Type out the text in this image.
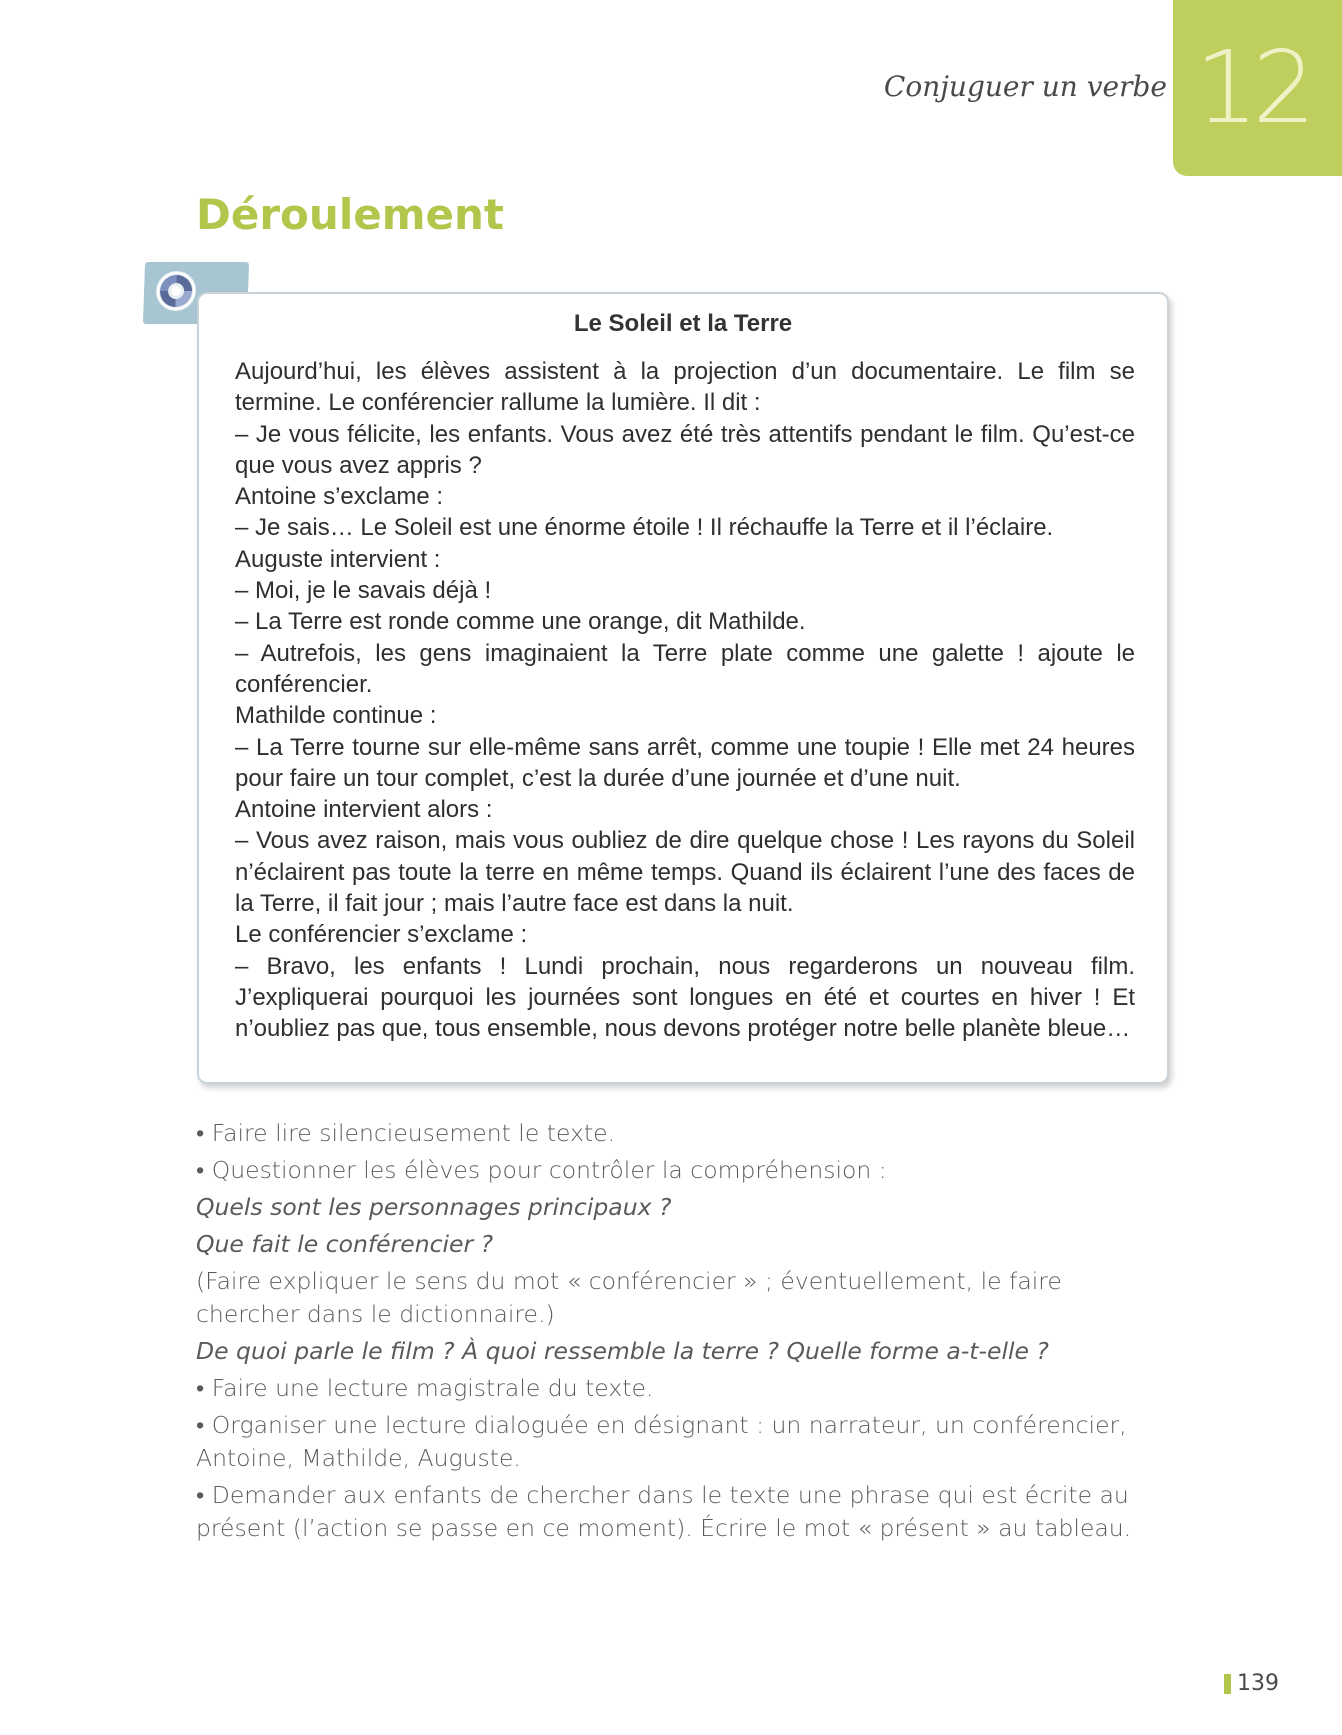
12
Conjuguer un verbe
Déroulement
Le Soleil et la Terre

Aujourd’hui, les élèves assistent à la projection d’un documentaire. Le film se termine. Le conférencier rallume la lumière. Il dit :

– Je vous félicite, les enfants. Vous avez été très attentifs pendant le film. Qu’est-ce que vous avez appris ?

Antoine s’exclame :

– Je sais… Le Soleil est une énorme étoile ! Il réchauffe la Terre et il l’éclaire.

Auguste intervient :

– Moi, je le savais déjà !

– La Terre est ronde comme une orange, dit Mathilde.

– Autrefois, les gens imaginaient la Terre plate comme une galette ! ajoute le conférencier.

Mathilde continue :

– La Terre tourne sur elle-même sans arrêt, comme une toupie ! Elle met 24 heures pour faire un tour complet, c’est la durée d’une journée et d’une nuit.

Antoine intervient alors :

– Vous avez raison, mais vous oubliez de dire quelque chose ! Les rayons du Soleil n’éclairent pas toute la terre en même temps. Quand ils éclairent l’une des faces de la Terre, il fait jour ; mais l’autre face est dans la nuit.

Le conférencier s’exclame :

– Bravo, les enfants ! Lundi prochain, nous regarderons un nouveau film. J’expliquerai pourquoi les journées sont longues en été et courtes en hiver ! Et n’oubliez pas que, tous ensemble, nous devons protéger notre belle planète bleue…

• Faire lire silencieusement le texte.

• Questionner les élèves pour contrôler la compréhension :

Quels sont les personnages principaux ?

Que fait le conférencier ?

(Faire expliquer le sens du mot « conférencier » ; éventuellement, le faire chercher dans le dictionnaire.)

De quoi parle le film ? À quoi ressemble la terre ? Quelle forme a-t-elle ?

• Faire une lecture magistrale du texte.

• Organiser une lecture dialoguée en désignant : un narrateur, un conférencier, Antoine, Mathilde, Auguste.

• Demander aux enfants de chercher dans le texte une phrase qui est écrite au présent (l’action se passe en ce moment). Écrire le mot « présent » au tableau.

139
